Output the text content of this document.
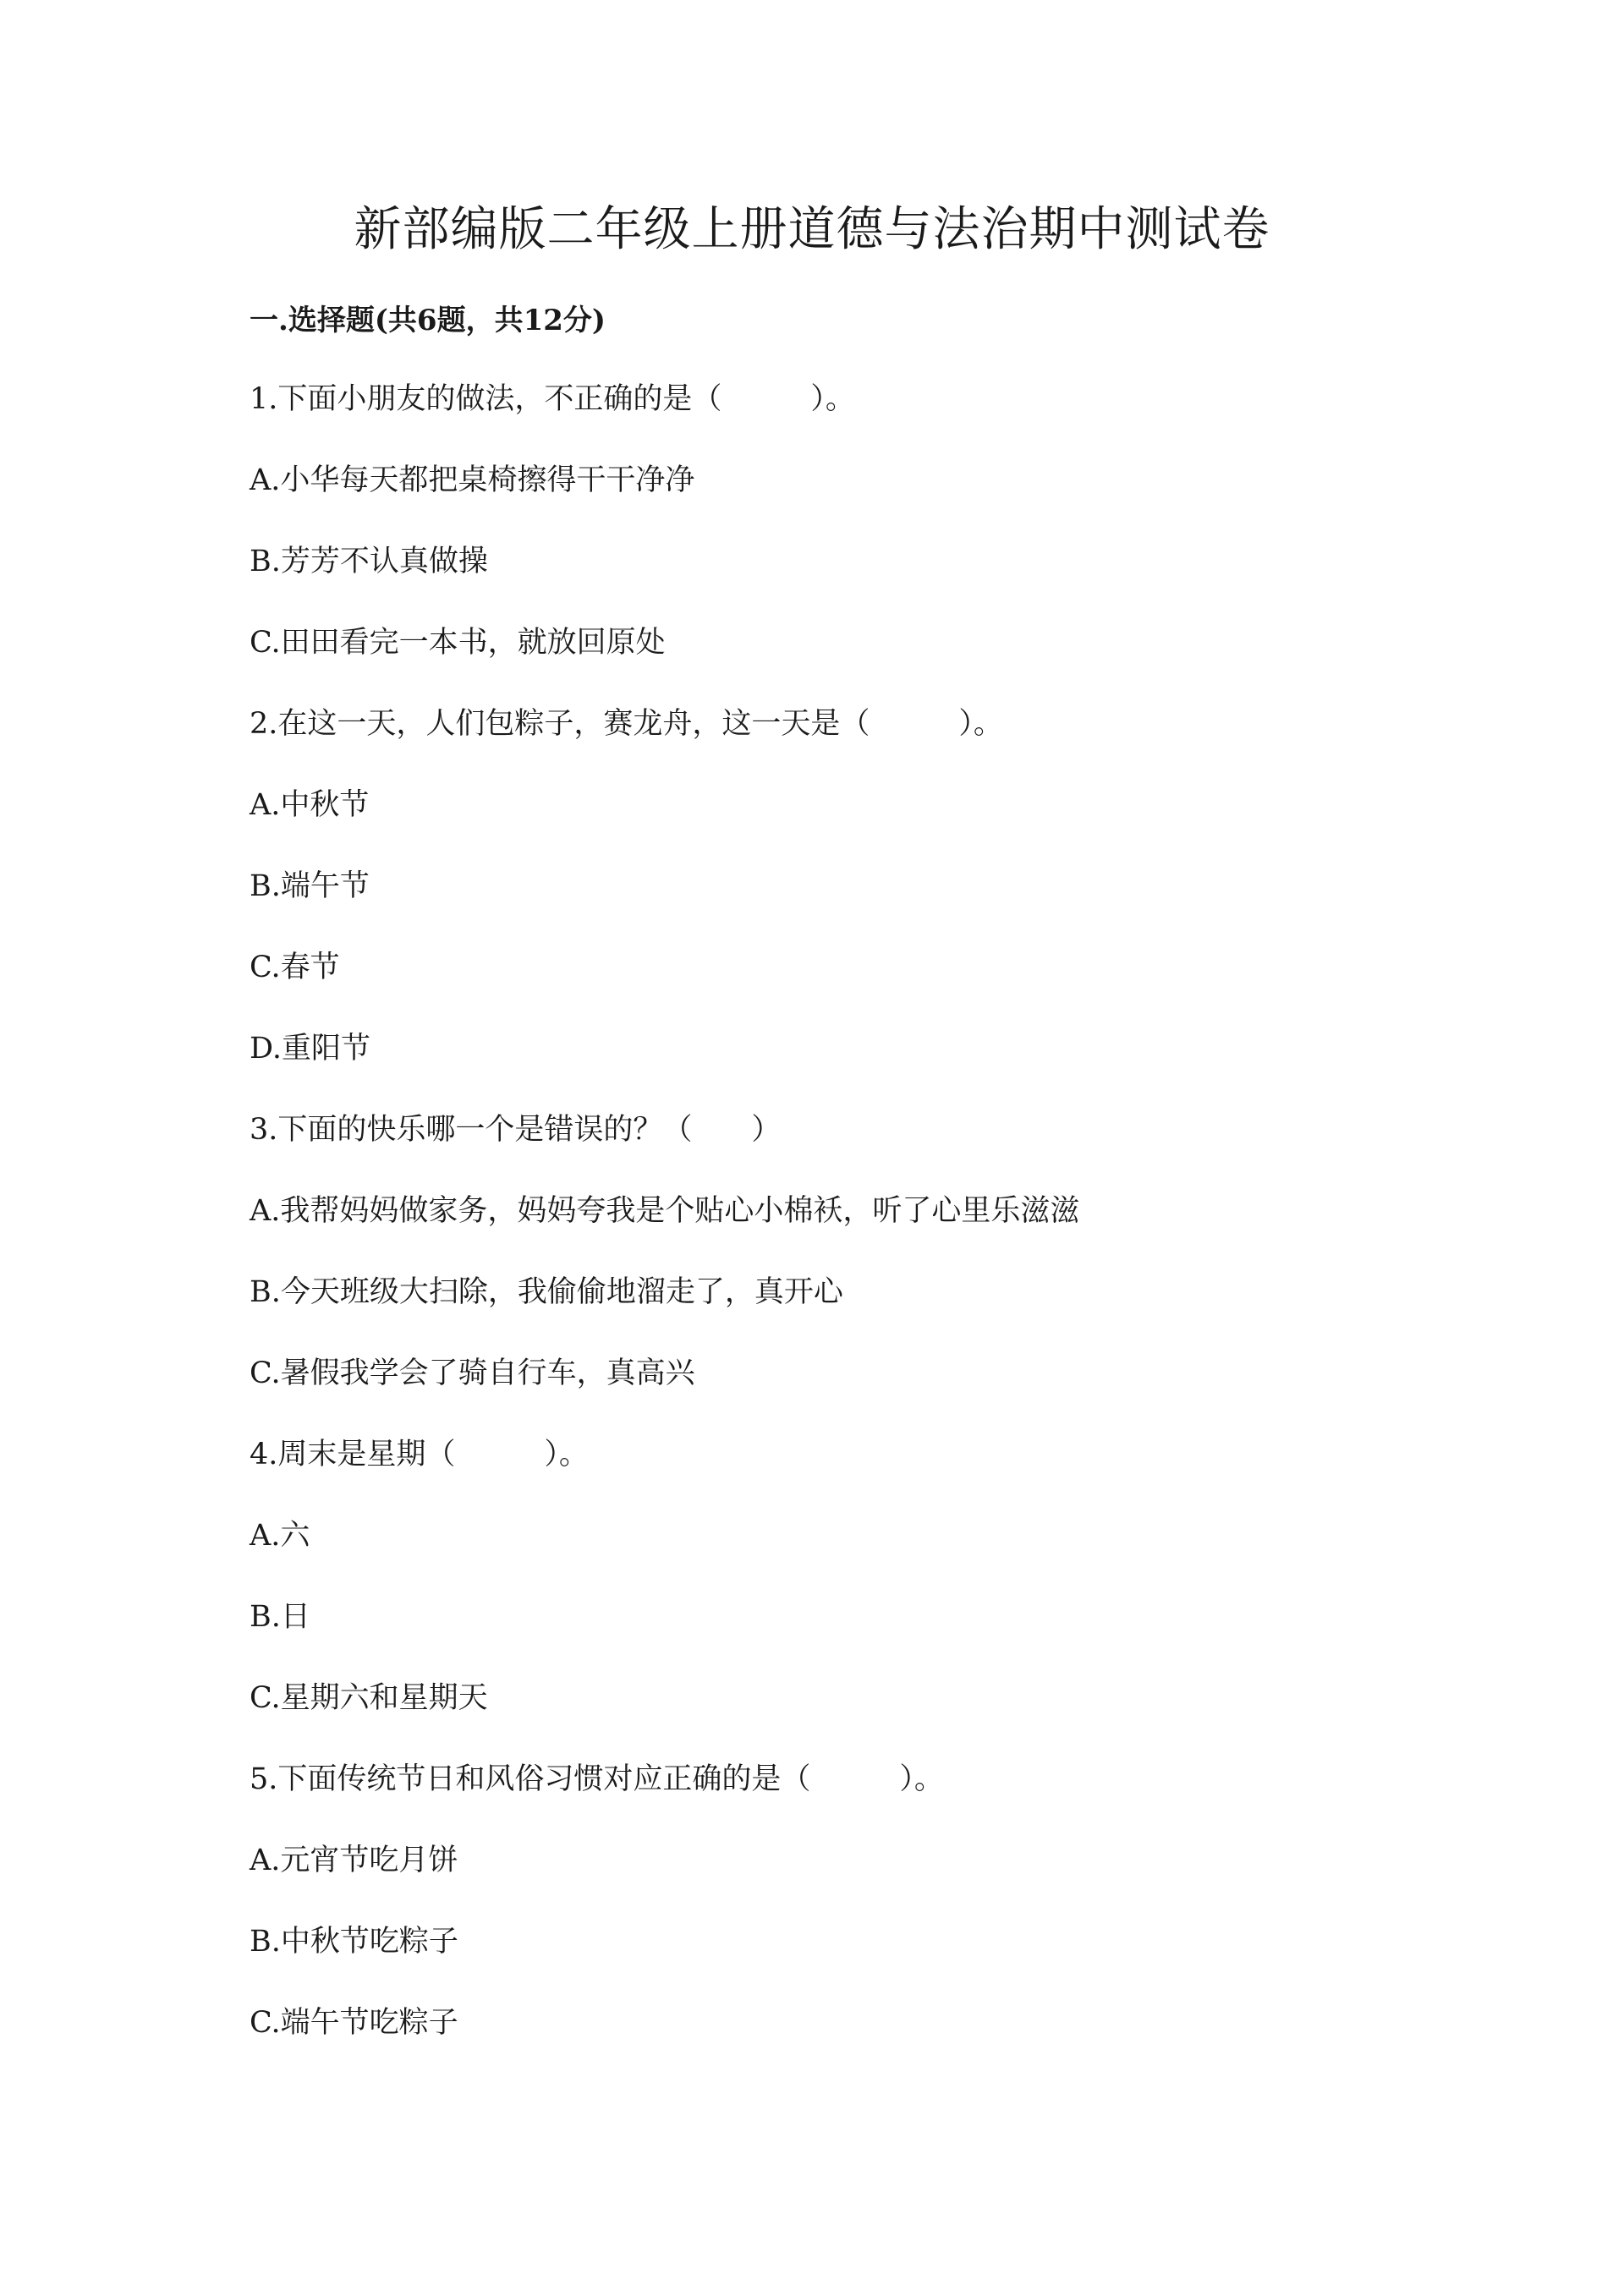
新部编版二年级上册道德与法治期中测试卷
一.选择题(共6题，共12分)

1.下面小朋友的做法，不正确的是（　　　）。

A.小华每天都把桌椅擦得干干净净

B.芳芳不认真做操

C.田田看完一本书，就放回原处

2.在这一天，人们包粽子，赛龙舟，这一天是（　　　）。

A.中秋节

B.端午节

C.春节

D.重阳节

3.下面的快乐哪一个是错误的？（　　）

A.我帮妈妈做家务，妈妈夸我是个贴心小棉袄，听了心里乐滋滋

B.今天班级大扫除，我偷偷地溜走了，真开心

C.暑假我学会了骑自行车，真高兴

4.周末是星期（　　　）。

A.六

B.日

C.星期六和星期天

5.下面传统节日和风俗习惯对应正确的是（　　　）。

A.元宵节吃月饼

B.中秋节吃粽子

C.端午节吃粽子
